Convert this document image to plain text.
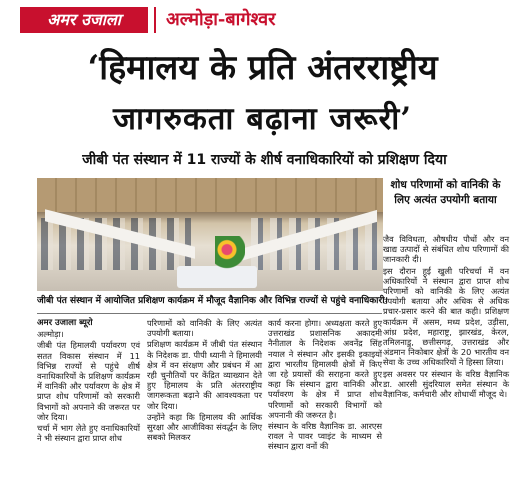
अमर उजाला	अल्मोड़ा-बागेश्वर
‘हिमालय के प्रति अंतरराष्ट्रीय
जागरुकता बढ़ाना जरूरी’
जीबी पंत संस्थान में 11 राज्यों के शीर्ष वनाधिकारियों को प्रशिक्षण दिया
शोध परिणामों को वानिकी के लिए अत्यंत उपयोगी बताया
जीबी पंत संस्थान में आयोजित प्रशिक्षण कार्यक्रम में मौजूद वैज्ञानिक और विभिन्न राज्यों से पहुंचे वनाधिकारी।

अमर उजाला ब्यूरो

अल्मोड़ा।

जीबी पंत हिमालयी पर्यावरण एवं सतत विकास संस्थान में 11 विभिन्न राज्यों से पहुंचे शीर्ष वनाधिकारियों के प्रशिक्षण कार्यक्रम में वानिकी और पर्यावरण के क्षेत्र में प्राप्त शोध परिणामों को सरकारी विभागों को अपनाने की जरूरत पर जोर दिया।

चर्चा में भाग लेते हुए वनाधिकारियों ने भी संस्थान द्वारा प्राप्त शोध

परिणामों को वानिकी के लिए अत्यंत उपयोगी बताया।

प्रशिक्षण कार्यक्रम में जीबी पंत संस्थान के निदेशक डा. पीपी ध्यानी ने हिमालयी क्षेत्र में वन संरक्षण और प्रबंधन में आ रही चुनौतियों पर केंद्रित व्याख्यान देते हुए हिमालय के प्रति अंतरराष्ट्रीय जागरूकता बढ़ाने की आवश्यकता पर जोर दिया।

उन्होंने कहा कि हिमालय की आर्थिक सुरक्षा और आजीविका संवर्द्धन के लिए सबको मिलकर

कार्य करना होगा। अध्यक्षता करते हुए उत्तराखंड प्रशासनिक अकादमी नैनीताल के निदेशक अवनेंद्र सिंह नयाल ने संस्थान और इसकी इकाइयों द्वारा भारतीय हिमालयी क्षेत्रों में किए जा रहे प्रयासों की सराहना करते हुए कहा कि संस्थान द्वारा वानिकी और पर्यावरण के क्षेत्र में प्राप्त शोध परिणामों को सरकारी विभागों को अपनानी की जरूरत है।

संस्थान के वरिष्ठ वैज्ञानिक डा. आरएस रावल ने पावर प्वाइंट के माध्यम से संस्थान द्वारा वनों की

जैव विविधता, औषधीय पौधों और वन खाद्य उत्पादों से संबंधित शोध परिणामों की जानकारी दी।

इस दौरान हुई खुली परिचर्चा में वन अधिकारियों ने संस्थान द्वारा प्राप्त शोध परिणामों को वानिकी के लिए अत्यंत उपयोगी बताया और अधिक से अधिक प्रचार-प्रसार करने की बात कही। प्रशिक्षण कार्यक्रम में असम, मध्य प्रदेश, उड़ीसा, आंध्र प्रदेश, महाराष्ट्र, झारखंड, केरल, तमिलनाडु, छत्तीसगढ़, उत्तराखंड और अंडमान निकोबार क्षेत्रों के 20 भारतीय वन सेवा के उच्च अधिकारियों ने हिस्सा लिया।

इस अवसर पर संस्थान के वरिष्ठ वैज्ञानिक डा. आरसी सुंदरियाल समेत संस्थान के वैज्ञानिक, कर्मचारी और शोधार्थी मौजूद थे।
